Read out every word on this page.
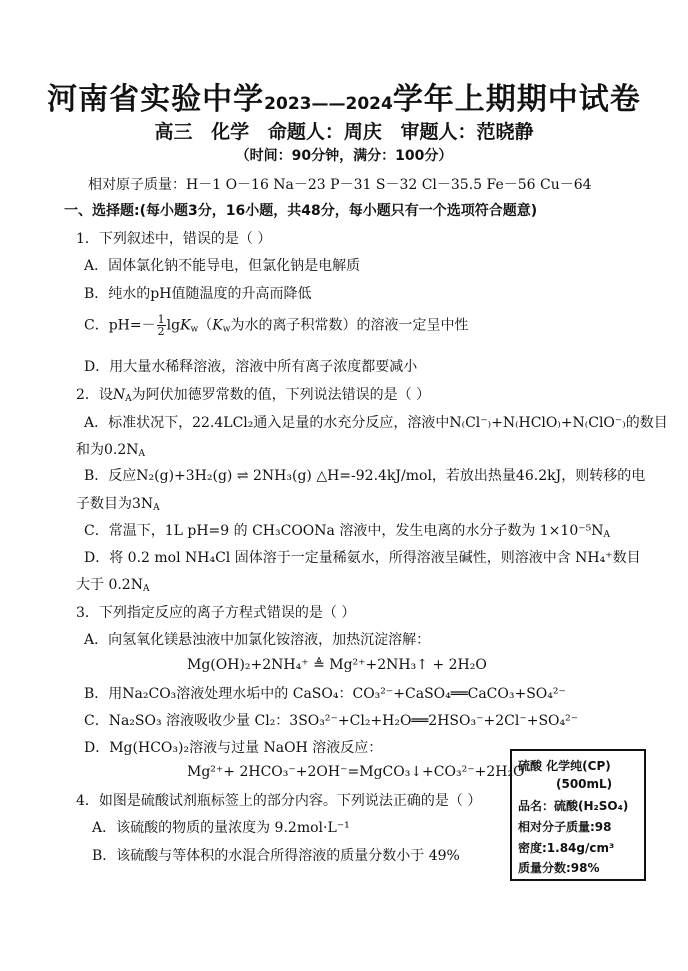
河南省实验中学2023——2024学年上期期中试卷
高三 化学 命题人：周庆 审题人：范晓静
（时间：90分钟，满分：100分）
相对原子质量：H－1 O－16 Na－23 P－31 S－32 Cl－35.5 Fe－56 Cu－64
一、选择题:(每小题3分，16小题，共48分，每小题只有一个选项符合题意)
1．下列叙述中，错误的是（ ）
A．固体氯化钠不能导电，但氯化钠是电解质
B．纯水的pH值随温度的升高而降低
C．$pH=- \frac{1}{2} \lg K_w(K_w$为水的离子积常数）的溶液一定呈中性
D．用大量水稀释溶液，溶液中所有离子浓度都要减小
2．设$N_A$为阿伏加德罗常数的值，下列说法错误的是（ ）
A．标准状况下，22.4LCl₂通入足量的水充分反应，溶液中N₍Cl⁻₎+N₍HClO₎+N₍ClO⁻₎的数目
和为$0.2N_A$
B．反应N₂(g)+3H₂(g) ⇌ 2NH₃(g) △H=-92.4kJ/mol，若放出热量46.2kJ，则转移的电
子数目为$3N_A$
C．常温下，1L pH=9 的 CH₃COONa 溶液中，发生电离的水分子数为 $1\times 10^{-5}N_A$
D．将 0.2 mol NH₄Cl 固体溶于一定量稀氨水，所得溶液呈碱性，则溶液中含 NH₄⁺数目
大于 $0.2N_A$
3．下列指定反应的离子方程式错误的是（ ）
A．向氢氧化镁悬浊液中加氯化铵溶液，加热沉淀溶解：
Mg(OH)₂+2NH₄⁺ ≜ Mg²⁺+2NH₃↑ + 2H₂O
B．用Na₂CO₃溶液处理水垢中的 CaSO₄：CO₃²⁻+CaSO₄══CaCO₃+SO₄²⁻
C．Na₂SO₃ 溶液吸收少量 Cl₂：3SO₃²⁻+Cl₂+H₂O══2HSO₃⁻+2Cl⁻+SO₄²⁻
D．Mg(HCO₃)₂溶液与过量 NaOH 溶液反应：
Mg²⁺+ 2HCO₃⁻+2OH⁻=MgCO₃↓+CO₃²⁻+2H₂O
4．如图是硫酸试剂瓶标签上的部分内容。下列说法正确的是（ ）
A．该硫酸的物质的量浓度为 9.2mol·L⁻¹
B．该硫酸与等体积的水混合所得溶液的质量分数小于 49%
硫酸 化学纯(CP)
(500mL)
品名：硫酸(H₂SO₄)
相对分子质量:98
密度:1.84g/cm³
质量分数:98%
